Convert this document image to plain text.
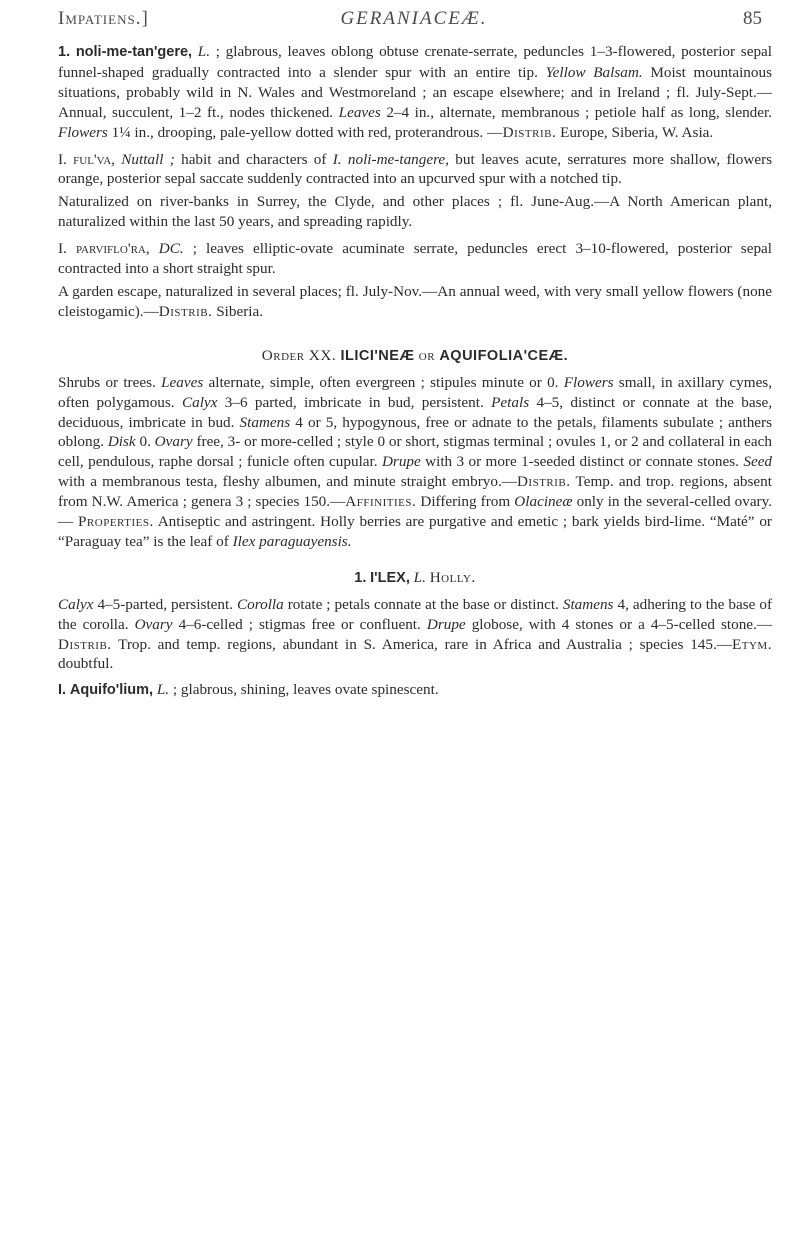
Impatiens.]	GERANIACEÆ.	85

1. noli-me-tan'gere, L. ; glabrous, leaves oblong obtuse crenate-serrate, peduncles 1–3-flowered, posterior sepal funnel-shaped gradually contracted into a slender spur with an entire tip. Yellow Balsam. Moist mountainous situations, probably wild in N. Wales and Westmoreland ; an escape elsewhere; and in Ireland ; fl. July-Sept.—Annual, succulent, 1–2 ft., nodes thickened. Leaves 2–4 in., alternate, membranous ; petiole half as long, slender. Flowers 1¼ in., drooping, pale-yellow dotted with red, proterandrous. —Distrib. Europe, Siberia, W. Asia.

I. ful'va, Nuttall ; habit and characters of I. noli-me-tangere, but leaves acute, serratures more shallow, flowers orange, posterior sepal saccate suddenly contracted into an upcurved spur with a notched tip.

Naturalized on river-banks in Surrey, the Clyde, and other places ; fl. June-Aug.—A North American plant, naturalized within the last 50 years, and spreading rapidly.

I. parviflo'ra, DC. ; leaves elliptic-ovate acuminate serrate, peduncles erect 3–10-flowered, posterior sepal contracted into a short straight spur.

A garden escape, naturalized in several places; fl. July-Nov.—An annual weed, with very small yellow flowers (none cleistogamic).—Distrib. Siberia.

Order XX. ILICI'NEÆ or AQUIFOLIA'CEÆ.

Shrubs or trees. Leaves alternate, simple, often evergreen ; stipules minute or 0. Flowers small, in axillary cymes, often polygamous. Calyx 3–6 parted, imbricate in bud, persistent. Petals 4–5, distinct or connate at the base, deciduous, imbricate in bud. Stamens 4 or 5, hypogynous, free or adnate to the petals, filaments subulate ; anthers oblong. Disk 0. Ovary free, 3- or more-celled ; style 0 or short, stigmas terminal ; ovules 1, or 2 and collateral in each cell, pendulous, raphe dorsal ; funicle often cupular. Drupe with 3 or more 1-seeded distinct or connate stones. Seed with a membranous testa, fleshy albumen, and minute straight embryo.—Distrib. Temp. and trop. regions, absent from N.W. America ; genera 3 ; species 150.—Affinities. Differing from Olacineæ only in the several-celled ovary. — Properties. Antiseptic and astringent. Holly berries are purgative and emetic ; bark yields bird-lime. “Maté” or “Paraguay tea” is the leaf of Ilex paraguayensis.

1. I'LEX, L. Holly.

Calyx 4–5-parted, persistent. Corolla rotate ; petals connate at the base or distinct. Stamens 4, adhering to the base of the corolla. Ovary 4–6-celled ; stigmas free or confluent. Drupe globose, with 4 stones or a 4–5-celled stone.—Distrib. Trop. and temp. regions, abundant in S. America, rare in Africa and Australia ; species 145.—Etym. doubtful.

I. Aquifo'lium, L. ; glabrous, shining, leaves ovate spinescent.
